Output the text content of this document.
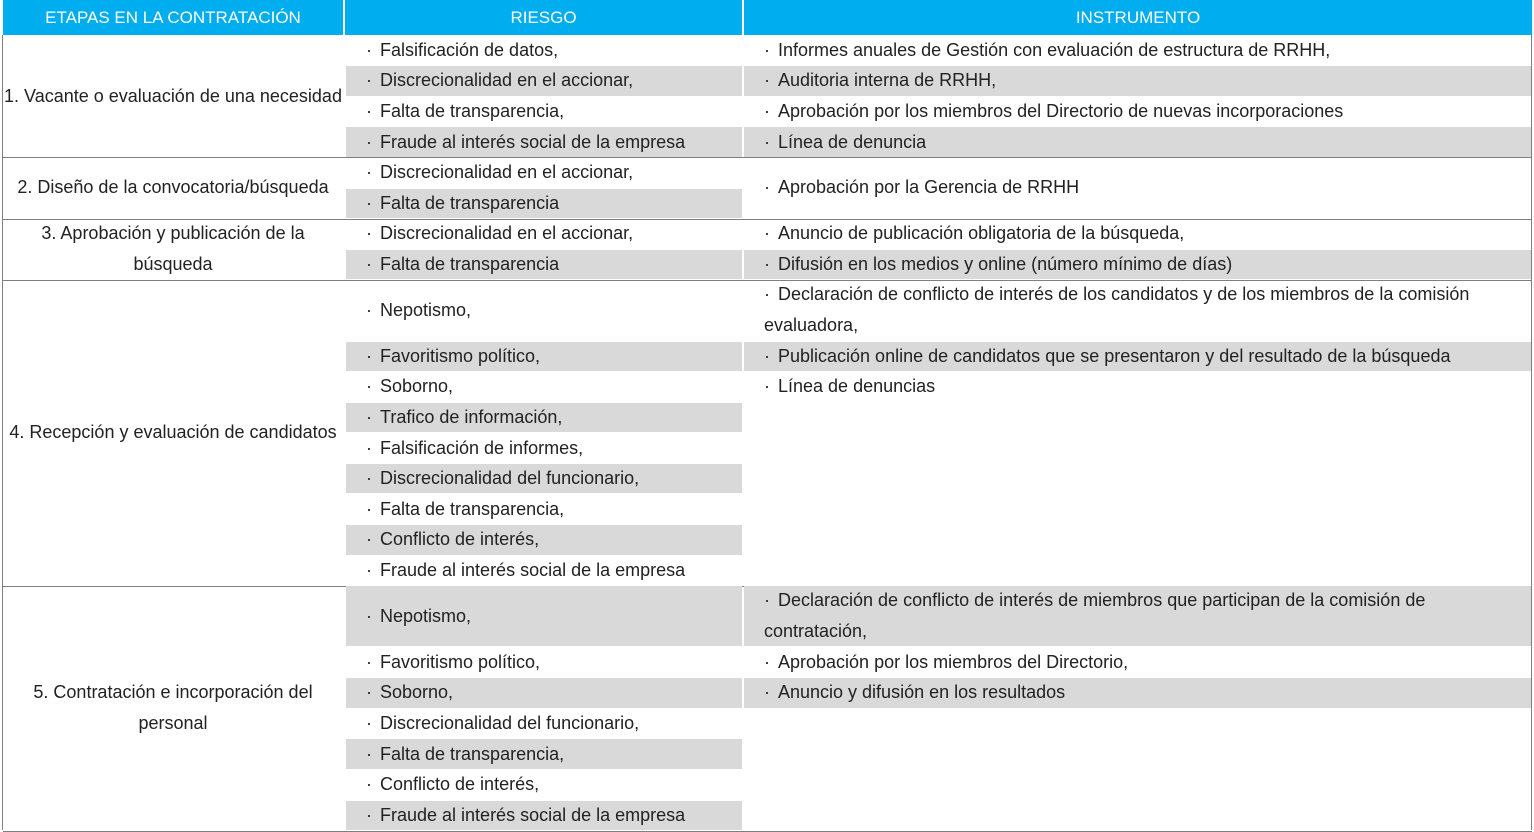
ETAPAS EN LA CONTRATACIÓN	RIESGO	INSTRUMENTO
1. Vacante o evaluación de una necesidad
· Falsificación de datos,
· Discrecionalidad en el accionar,
· Falta de transparencia,
· Fraude al interés social de la empresa
· Informes anuales de Gestión con evaluación de estructura de RRHH,
· Auditoria interna de RRHH,
· Aprobación por los miembros del Directorio de nuevas incorporaciones
· Línea de denuncia
2. Diseño de la convocatoria/búsqueda
· Discrecionalidad en el accionar,
· Falta de transparencia
· Aprobación por la Gerencia de RRHH
3. Aprobación y publicación de la búsqueda
· Discrecionalidad en el accionar,
· Falta de transparencia
· Anuncio de publicación obligatoria de la búsqueda,
· Difusión en los medios y online (número mínimo de días)
4. Recepción y evaluación de candidatos
· Nepotismo,
· Favoritismo político,
· Soborno,
· Trafico de información,
· Falsificación de informes,
· Discrecionalidad del funcionario,
· Falta de transparencia,
· Conflicto de interés,
· Fraude al interés social de la empresa
· Declaración de conflicto de interés de los candidatos y de los miembros de la comisión evaluadora,
· Publicación online de candidatos que se presentaron y del resultado de la búsqueda
· Línea de denuncias
5. Contratación e incorporación del personal
· Nepotismo,
· Favoritismo político,
· Soborno,
· Discrecionalidad del funcionario,
· Falta de transparencia,
· Conflicto de interés,
· Fraude al interés social de la empresa
· Declaración de conflicto de interés de miembros que participan de la comisión de contratación,
· Aprobación por los miembros del Directorio,
· Anuncio y difusión en los resultados
